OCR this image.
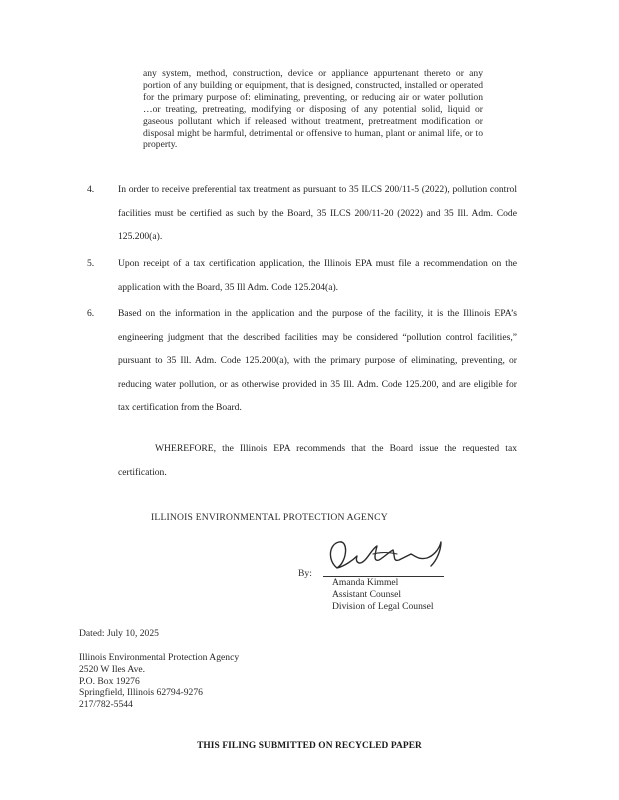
any system, method, construction, device or appliance appurtenant thereto or any portion of any building or equipment, that is designed, constructed, installed or operated for the primary purpose of: eliminating, preventing, or reducing air or water pollution …or treating, pretreating, modifying or disposing of any potential solid, liquid or gaseous pollutant which if released without treatment, pretreatment modification or disposal might be harmful, detrimental or offensive to human, plant or animal life, or to property.
4. In order to receive preferential tax treatment as pursuant to 35 ILCS 200/11-5 (2022), pollution control facilities must be certified as such by the Board, 35 ILCS 200/11-20 (2022) and 35 Ill. Adm. Code 125.200(a).
5. Upon receipt of a tax certification application, the Illinois EPA must file a recommendation on the application with the Board, 35 Ill Adm. Code 125.204(a).
6. Based on the information in the application and the purpose of the facility, it is the Illinois EPA’s engineering judgment that the described facilities may be considered “pollution control facilities,” pursuant to 35 Ill. Adm. Code 125.200(a), with the primary purpose of eliminating, preventing, or reducing water pollution, or as otherwise provided in 35 Ill. Adm. Code 125.200, and are eligible for tax certification from the Board.
WHEREFORE, the Illinois EPA recommends that the Board issue the requested tax certification.
ILLINOIS ENVIRONMENTAL PROTECTION AGENCY
By:
Amanda Kimmel
Assistant Counsel
Division of Legal Counsel
Dated: July 10, 2025
Illinois Environmental Protection Agency
2520 W Iles Ave.
P.O. Box 19276
Springfield, Illinois 62794-9276
217/782-5544
THIS FILING SUBMITTED ON RECYCLED PAPER
